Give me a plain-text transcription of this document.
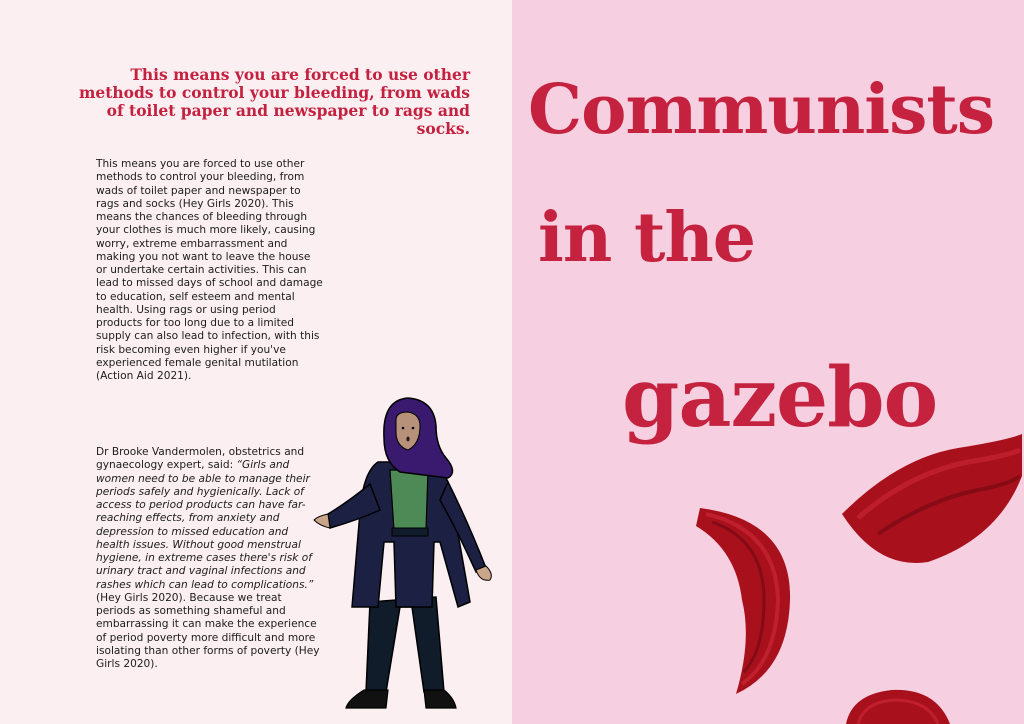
This means you are forced to use other methods to control your bleeding, from wads of toilet paper and newspaper to rags and socks.

This means you are forced to use other methods to control your bleeding, from wads of toilet paper and newspaper to rags and socks (Hey Girls 2020). This means the chances of bleeding through your clothes is much more likely, causing worry, extreme embarrassment and making you not want to leave the house or undertake certain activities. This can lead to missed days of school and damage to education, self esteem and mental health. Using rags or using period products for too long due to a limited supply can also lead to infection, with this risk becoming even higher if you've experienced female genital mutilation (Action Aid 2021).

Dr Brooke Vandermolen, obstetrics and gynaecology expert, said: “Girls and women need to be able to manage their periods safely and hygienically. Lack of access to period products can have far-reaching effects, from anxiety and depression to missed education and health issues. Without good menstrual hygiene, in extreme cases there's risk of urinary tract and vaginal infections and rashes which can lead to complications.” (Hey Girls 2020). Because we treat periods as something shameful and embarrassing it can make the experience of period poverty more difficult and more isolating than other forms of poverty (Hey Girls 2020).

Communists
in the
gazebo
